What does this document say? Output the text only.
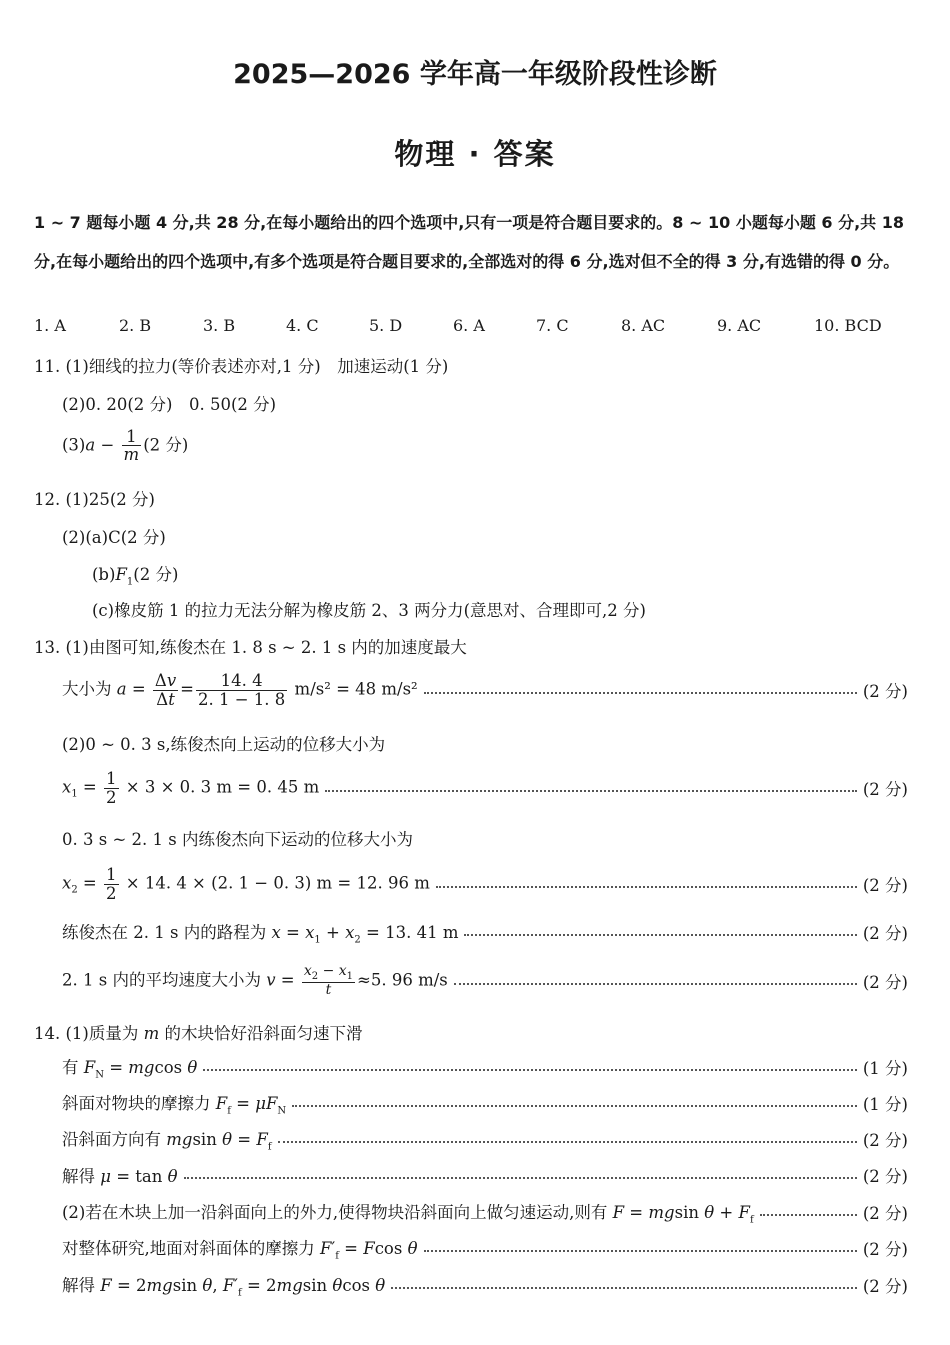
2025—2026 学年高一年级阶段性诊断
物理 · 答案
1 ~ 7 题每小题 4 分,共 28 分,在每小题给出的四个选项中,只有一项是符合题目要求的。8 ~ 10 小题每小题 6 分,共 18 分,在每小题给出的四个选项中,有多个选项是符合题目要求的,全部选对的得 6 分,选对但不全的得 3 分,有选错的得 0 分。
1. A	2. B	3. B	4. C	5. D	6. A	7. C	8. AC	9. AC	10. BCD
11. (1)细线的拉力(等价表述亦对,1 分)　加速运动(1 分)
(2)0. 20(2 分)　0. 50(2 分)
$(3)a - \frac{1}{m} (2$ 分)
12. (1)25(2 分)
(2)(a)C(2 分)
$(b)F_1(2$ 分)
(c)橡皮筋 1 的拉力无法分解为橡皮筋 2、3 两分力(意思对、合理即可,2 分)
13. (1)由图可知,练俊杰在 1. 8 s ~ 2. 1 s 内的加速度最大
大小为 $a = \frac{\Delta v}{\Delta t} = \frac{14. 4}{2. 1 - 1. 8} m/s^2 = 48$ m/s²	(2 分)
(2)0 ~ 0. 3 s,练俊杰向上运动的位移大小为
$x_1 = \frac{1}{2} \times 3 \times 0$. 3 m = 0. 45 m	(2 分)
0. 3 s ~ 2. 1 s 内练俊杰向下运动的位移大小为
$x_2 = \frac{1}{2} \times 14$. 4 × (2. 1 − 0. 3) m = 12. 96 m	(2 分)
练俊杰在 2. 1 s 内的路程为 $x = x_1 + x_2 = 13$. 41 m	(2 分)
2. 1 s 内的平均速度大小为 $v = \frac{x_2 - x_1}{t} \approx 5$. 96 m/s	(2 分)
14. (1)质量为 m 的木块恰好沿斜面匀速下滑
有 $F_N = mgcos$ θ	(1 分)
斜面对物块的摩擦力 $F_f = \mu F_N$	(1 分)
沿斜面方向有 mgsin $\theta = F_f$	(2 分)
解得 μ = tan θ	(2 分)
(2)若在木块上加一沿斜面向上的外力,使得物块沿斜面向上做匀速运动,则有 F = mgsin $\theta + F_f$	(2 分)
对整体研究,地面对斜面体的摩擦力 $F'_f = Fcos$ θ	(2 分)
解得 F = 2mgsin θ, $F'_f = 2mgsin$ θcos θ	(2 分)
